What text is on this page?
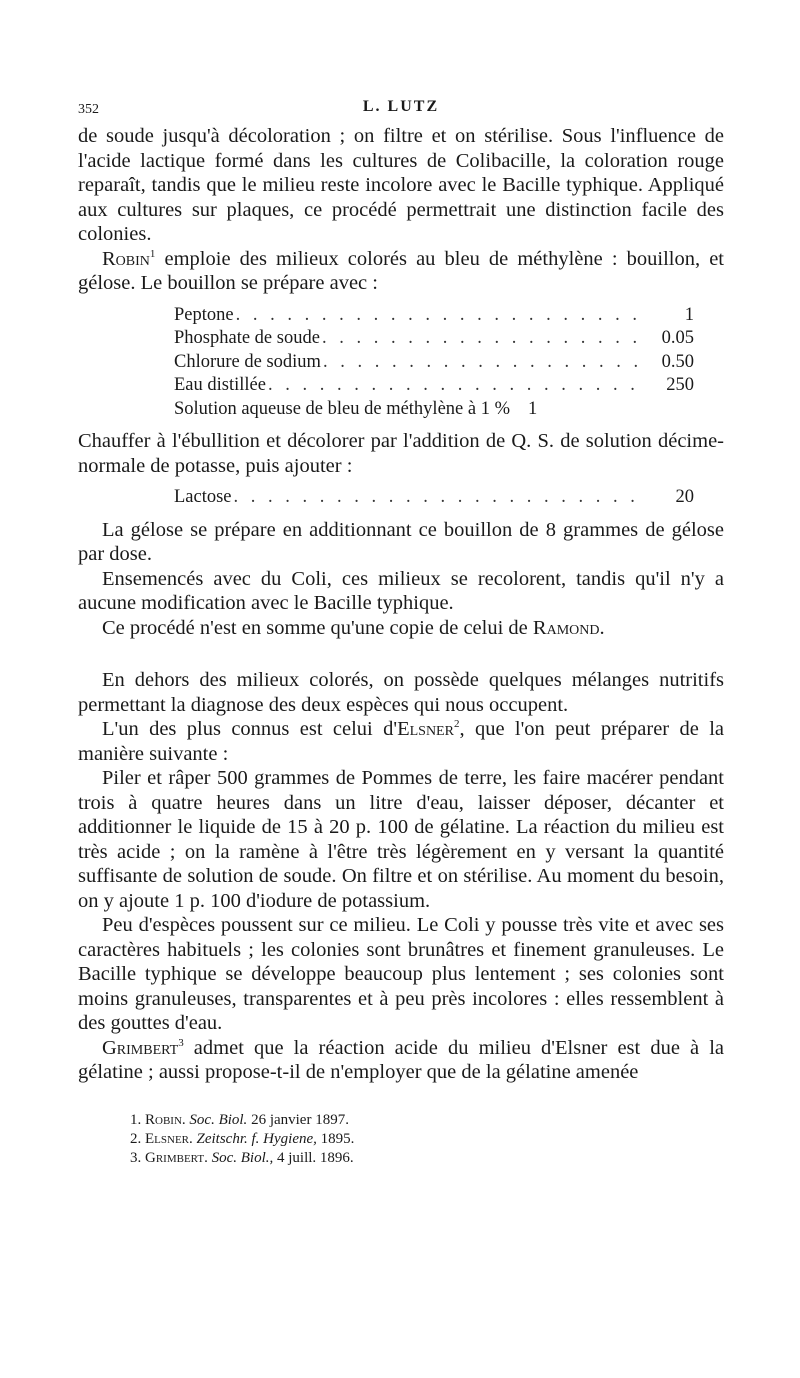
352	L. LUTZ

de soude jusqu'à décoloration ; on filtre et on stérilise. Sous l'influence de l'acide lactique formé dans les cultures de Colibacille, la coloration rouge reparaît, tandis que le milieu reste incolore avec le Bacille typhique. Appliqué aux cultures sur plaques, ce procédé permettrait une distinction facile des colonies.

Robin$^1$ emploie des milieux colorés au bleu de méthylène : bouillon, et gélose. Le bouillon se prépare avec :

Peptone . . .	1
Phosphate de soude . . .	0.05
Chlorure de sodium . . .	0.50
Eau distillée . . .	250
Solution aqueuse de bleu de méthylène à 1 % 1

Chauffer à l'ébullition et décolorer par l'addition de Q. S. de solution décime-normale de potasse, puis ajouter :

Lactose . . .	20

La gélose se prépare en additionnant ce bouillon de 8 grammes de gélose par dose.

Ensemencés avec du Coli, ces milieux se recolorent, tandis qu'il n'y a aucune modification avec le Bacille typhique.

Ce procédé n'est en somme qu'une copie de celui de Ramond.

En dehors des milieux colorés, on possède quelques mélanges nutritifs permettant la diagnose des deux espèces qui nous occupent.

L'un des plus connus est celui d'Elsner$^2$, que l'on peut préparer de la manière suivante :

Piler et râper 500 grammes de Pommes de terre, les faire macérer pendant trois à quatre heures dans un litre d'eau, laisser déposer, décanter et additionner le liquide de 15 à 20 p. 100 de gélatine. La réaction du milieu est très acide ; on la ramène à l'être très légèrement en y versant la quantité suffisante de solution de soude. On filtre et on stérilise. Au moment du besoin, on y ajoute 1 p. 100 d'iodure de potassium.

Peu d'espèces poussent sur ce milieu. Le Coli y pousse très vite et avec ses caractères habituels ; les colonies sont brunâtres et finement granuleuses. Le Bacille typhique se développe beaucoup plus lentement ; ses colonies sont moins granuleuses, transparentes et à peu près incolores : elles ressemblent à des gouttes d'eau.

Grimbert$^3$ admet que la réaction acide du milieu d'Elsner est due à la gélatine ; aussi propose-t-il de n'employer que de la gélatine amenée

1. Robin. Soc. Biol. 26 janvier 1897.

2. Elsner. Zeitschr. f. Hygiene, 1895.

3. Grimbert. Soc. Biol., 4 juill. 1896.
